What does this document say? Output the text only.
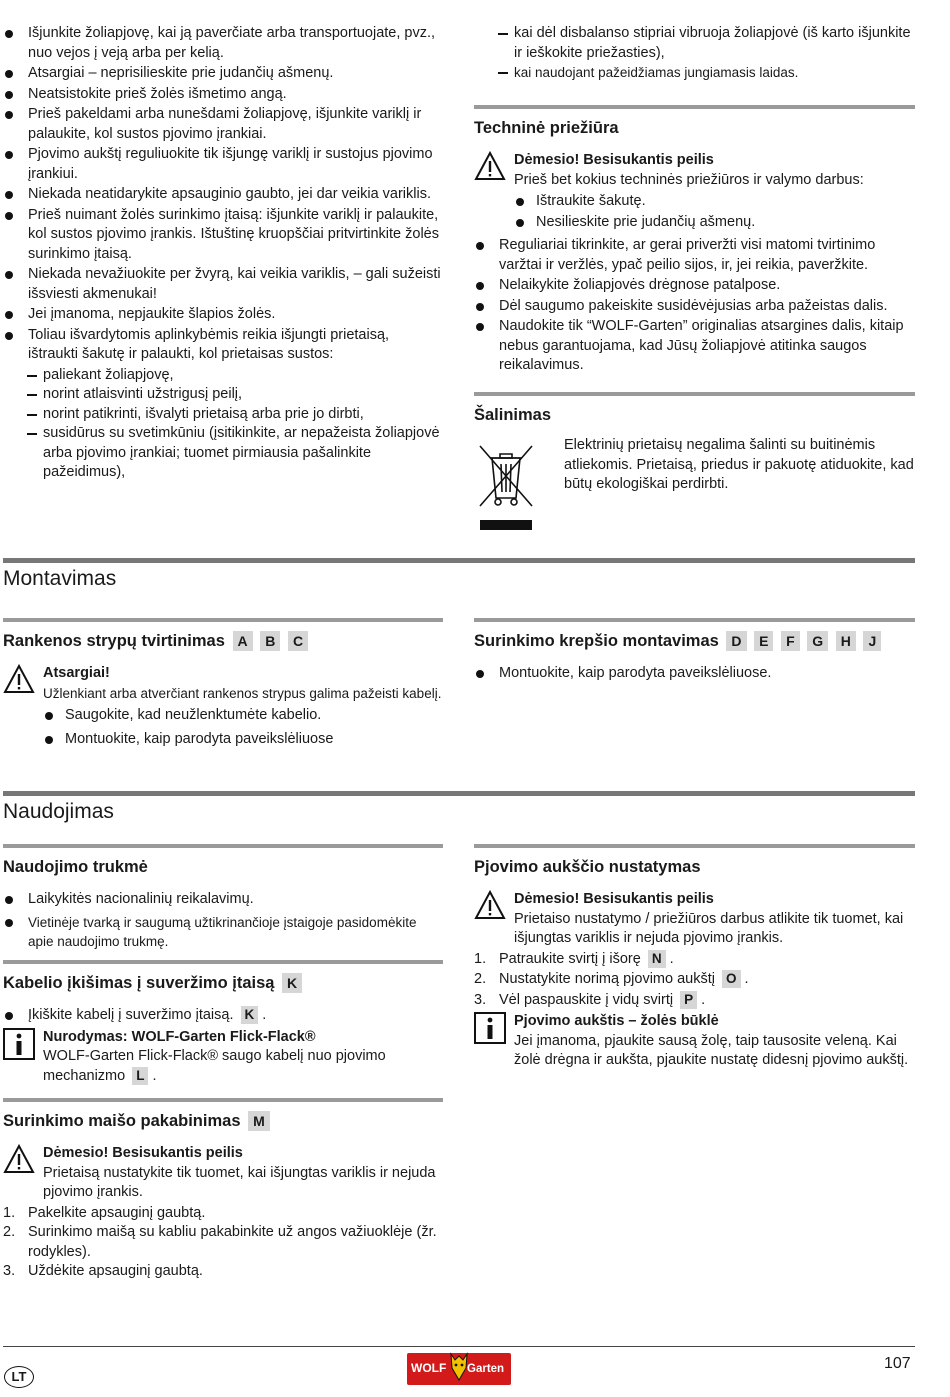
Išjunkite žoliapjovę, kai ją paverčiate arba transportuojate, pvz., nuo vejos į veją arba per kelią.
Atsargiai – neprisilieskite prie judančių ašmenų.
Neatsistokite prieš žolės išmetimo angą.
Prieš pakeldami arba nunešdami žoliapjovę, išjunkite variklį ir palaukite, kol sustos pjovimo įrankiai.
Pjovimo aukštį reguliuokite tik išjungę variklį ir sustojus pjovimo įrankiui.
Niekada neatidarykite apsauginio gaubto, jei dar veikia variklis.
Prieš nuimant žolės surinkimo įtaisą: išjunkite variklį ir palaukite, kol sustos pjovimo įrankis. Ištuštinę kruopščiai pritvirtinkite žolės surinkimo įtaisą.
Niekada nevažiuokite per žvyrą, kai veikia variklis, – gali sužeisti išsviesti akmenukai!
Jei įmanoma, nepjaukite šlapios žolės.
Toliau išvardytomis aplinkybėmis reikia išjungti prietaisą, ištraukti šakutę ir palaukti, kol prietaisas sustos:
paliekant žoliapjovę,
norint atlaisvinti užstrigusį peilį,
norint patikrinti, išvalyti prietaisą arba prie jo dirbti,
susidūrus su svetimkūniu (įsitikinkite, ar nepažeista žoliapjovė arba pjovimo įrankiai; tuomet pirmiausia pašalinkite pažeidimus),
kai dėl disbalanso stipriai vibruoja žoliapjovė (iš karto išjunkite ir ieškokite priežasties),
kai naudojant pažeidžiamas jungiamasis laidas.
Techninė priežiūra
Dėmesio! Besisukantis peilis
Prieš bet kokius techninės priežiūros ir valymo darbus:
Ištraukite šakutę.
Nesilieskite prie judančių ašmenų.
Reguliariai tikrinkite, ar gerai priveržti visi matomi tvirtinimo varžtai ir veržlės, ypač peilio sijos, ir, jei reikia, paveržkite.
Nelaikykite žoliapjovės drėgnose patalpose.
Dėl saugumo pakeiskite susidėvėjusias arba pažeistas dalis.
Naudokite tik “WOLF-Garten” originalias atsargines dalis, kitaip nebus garantuojama, kad Jūsų žoliapjovė atitinka saugos reikalavimus.
Šalinimas
Elektrinių prietaisų negalima šalinti su buitinėmis atliekomis. Prietaisą, priedus ir pakuotę atiduokite, kad būtų ekologiškai perdirbti.
Montavimas
Rankenos strypų tvirtinimas A B C
Atsargiai!
Užlenkiant arba atverčiant rankenos strypus galima pažeisti kabelį.
Saugokite, kad neužlenktumėte kabelio.
Montuokite, kaip parodyta paveikslėliuose
Surinkimo krepšio montavimas D E F G H J
Montuokite, kaip parodyta paveikslėliuose.
Naudojimas
Naudojimo trukmė
Laikykitės nacionalinių reikalavimų.
Vietinėje tvarką ir saugumą užtikrinančioje įstaigoje pasidomėkite apie naudojimo trukmę.
Kabelio įkišimas į suveržimo įtaisą K
Įkiškite kabelį į suveržimo įtaisą. K .
Nurodymas: WOLF-Garten Flick-Flack®
WOLF-Garten Flick-Flack® saugo kabelį nuo pjovimo mechanizmo L .
Surinkimo maišo pakabinimas M
Dėmesio! Besisukantis peilis
Prietaisą nustatykite tik tuomet, kai išjungtas variklis ir nejuda pjovimo įrankis.
1. Pakelkite apsauginį gaubtą.
2. Surinkimo maišą su kabliu pakabinkite už angos važiuoklėje (žr. rodykles).
3. Uždėkite apsauginį gaubtą.
Pjovimo aukščio nustatymas
Dėmesio! Besisukantis peilis
Prietaiso nustatymo / priežiūros darbus atlikite tik tuomet, kai išjungtas variklis ir nejuda pjovimo įrankis.
1. Patraukite svirtį į išorę N .
2. Nustatykite norimą pjovimo aukštį O .
3. Vėl paspauskite į vidų svirtį P .
Pjovimo aukštis – žolės būklė
Jei įmanoma, pjaukite sausą žolę, taip tausosite veleną. Kai žolė drėgna ir aukšta, pjaukite nustatę didesnį pjovimo aukštį.
LT
WOLF Garten	107
